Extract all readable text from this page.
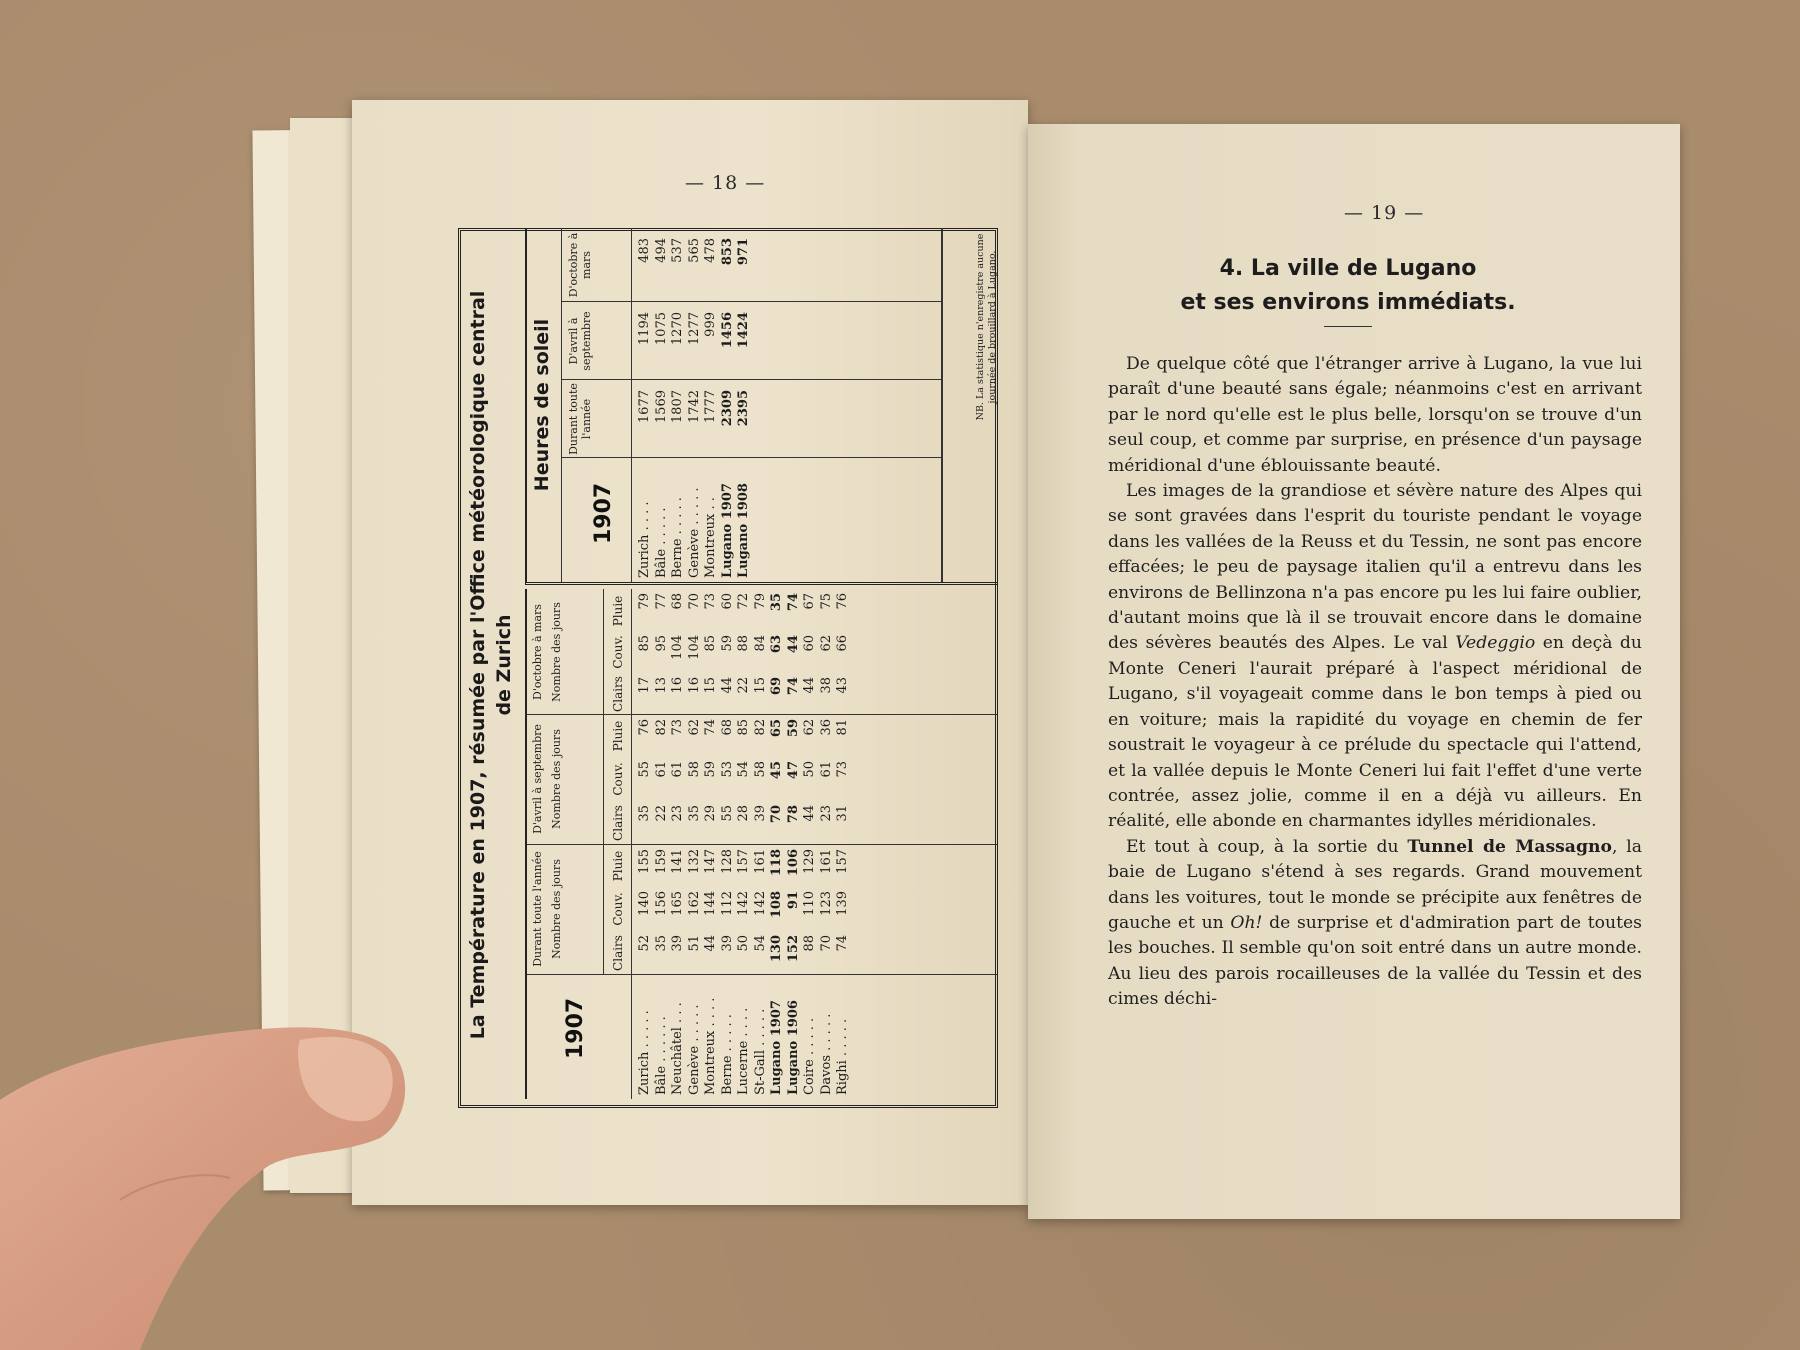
— 18 —
La Température en 1907, résumée par l'Office météorologique central de Zurich
1907
Durant toute l'année Nombre des jours
D'avril à septembre Nombre des jours
D'octobre à mars Nombre des jours
Clairs
Couv.
Pluie
Clairs
Couv.
Pluie
Clairs
Couv.
Pluie
Zurich . . . . . Bâle . . . . . . Neuchâtel . . . Genève . . . . . Montreux . . . . Berne . . . . . Lucerne . . . . St-Gall . . . . . Lugano 1907 Lugano 1906 Coire . . . . . Davos . . . . . Righi . . . . .
52 35 39 51 44 39 50 54 130 152 88 70 74
140 156 165 162 144 112 142 142 108 91 110 123 139
155 159 141 132 147 128 157 161 118 106 129 161 157
35 22 23 35 29 55 28 39 70 78 44 23 31
55 61 61 58 59 53 54 58 45 47 50 61 73
76 82 73 62 74 68 85 82 65 59 62 36 81
17 13 16 16 15 44 22 15 69 74 44 38 43
85 95 104 104 85 59 88 84 63 44 60 62 66
79 77 68 70 73 60 72 79 35 74 67 75 76
Heures de soleil
1907
Durant toute l'année
D'avril à septembre
D'octobre à mars
Zurich . . . . Bâle . . . . . Berne . . . . . Genève . . . . . Montreux . . Lugano 1907 Lugano 1908
1677 1569 1807 1742 1777 2309 2395
1194 1075 1270 1277 999 1456 1424
483 494 537 565 478 853 971	NB. La statistique n'enregistre aucune journée de brouillard à Lugano.
— 19 —
4. La ville de Lugano
et ses environs immédiats.

De quelque côté que l'étranger arrive à Lugano, la vue lui paraît d'une beauté sans égale; néanmoins c'est en arrivant par le nord qu'elle est le plus belle, lorsqu'on se trouve d'un seul coup, et comme par surprise, en présence d'un paysage méridional d'une éblouissante beauté.

Les images de la grandiose et sévère nature des Alpes qui se sont gravées dans l'esprit du touriste pendant le voyage dans les vallées de la Reuss et du Tessin, ne sont pas encore effacées; le peu de paysage italien qu'il a entrevu dans les environs de Bellinzona n'a pas encore pu les lui faire oublier, d'autant moins que là il se trouvait encore dans le domaine des sévères beautés des Alpes. Le val Vedeggio en deçà du Monte Ceneri l'aurait préparé à l'aspect méridional de Lugano, s'il voyageait comme dans le bon temps à pied ou en voiture; mais la rapidité du voyage en chemin de fer soustrait le voyageur à ce prélude du spectacle qui l'attend, et la vallée depuis le Monte Ceneri lui fait l'effet d'une verte contrée, assez jolie, comme il en a déjà vu ailleurs. En réalité, elle abonde en charmantes idylles méridionales.

Et tout à coup, à la sortie du Tunnel de Massagno, la baie de Lugano s'étend à ses regards. Grand mouvement dans les voitures, tout le monde se précipite aux fenêtres de gauche et un Oh! de surprise et d'admiration part de toutes les bouches. Il semble qu'on soit entré dans un autre monde. Au lieu des parois rocailleuses de la vallée du Tessin et des cimes déchi-
